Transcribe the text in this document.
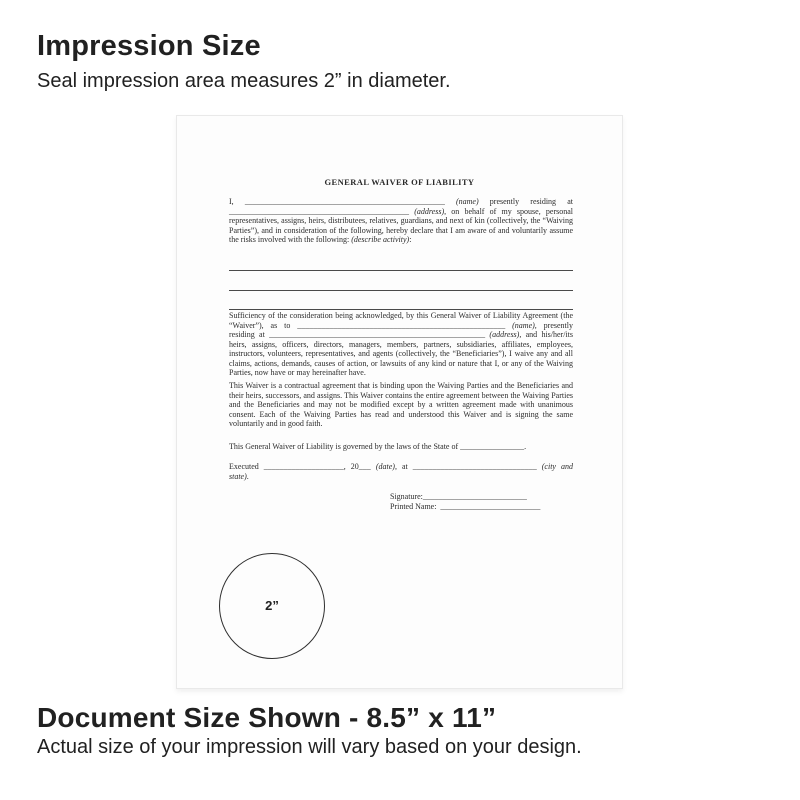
Impression Size
Seal impression area measures 2” in diameter.
GENERAL WAIVER OF LIABILITY

I, __________________________________________________ (name) presently residing at _____________________________________________ (address), on behalf of my spouse, personal representatives, assigns, heirs, distributees, relatives, guardians, and next of kin (collectively, the “Waiving Parties”), and in consideration of the following, hereby declare that I am aware of and voluntarily assume the risks involved with the following: (describe activity):

Sufficiency of the consideration being acknowledged, by this General Waiver of Liability Agreement (the “Waiver”), as to ____________________________________________________ (name), presently residing at ______________________________________________________ (address), and his/her/its heirs, assigns, officers, directors, managers, members, partners, subsidiaries, affiliates, employees, instructors, volunteers, representatives, and agents (collectively, the “Beneficiaries”), I waive any and all claims, actions, demands, causes of action, or lawsuits of any kind or nature that I, or any of the Waiving Parties, now have or may hereinafter have.

This Waiver is a contractual agreement that is binding upon the Waiving Parties and the Beneficiaries and their heirs, successors, and assigns. This Waiver contains the entire agreement between the Waiving Parties and the Beneficiaries and may not be modified except by a written agreement made with unanimous consent. Each of the Waiving Parties has read and understood this Waiver and is signing the same voluntarily and in good faith.

This General Waiver of Liability is governed by the laws of the State of ________________.

Executed ____________________, 20___ (date), at _______________________________ (city and state).

Signature:__________________________
Printed Name:  _________________________
2”
Document Size Shown - 8.5” x 11”
Actual size of your impression will vary based on your design.
